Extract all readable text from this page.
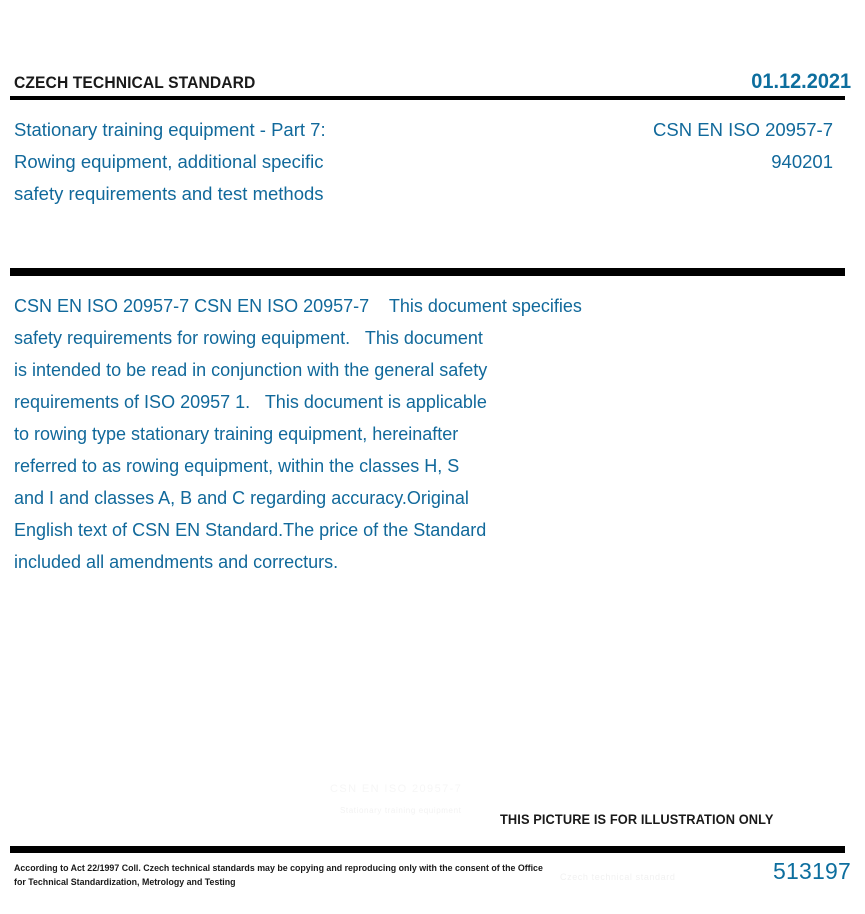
CZECH TECHNICAL STANDARD	01.12.2021
Stationary training equipment - Part 7:
Rowing equipment, additional specific
safety requirements and test methods
CSN EN ISO 20957-7
940201
CSN EN ISO 20957-7 CSN EN ISO 20957-7    This document specifies
safety requirements for rowing equipment.   This document
is intended to be read in conjunction with the general safety
requirements of ISO 20957 1.   This document is applicable
to rowing type stationary training equipment, hereinafter
referred to as rowing equipment, within the classes H, S
and I and classes A, B and C regarding accuracy.Original
English text of CSN EN Standard.The price of the Standard
included all amendments and correcturs.
CSN EN ISO 20957-7
Stationary training equipment
Czech technical standard
THIS PICTURE IS FOR ILLUSTRATION ONLY
According to Act 22/1997 Coll. Czech technical standards may be copying and reproducing only with the consent of the Office
for Technical Standardization, Metrology and Testing	513197
